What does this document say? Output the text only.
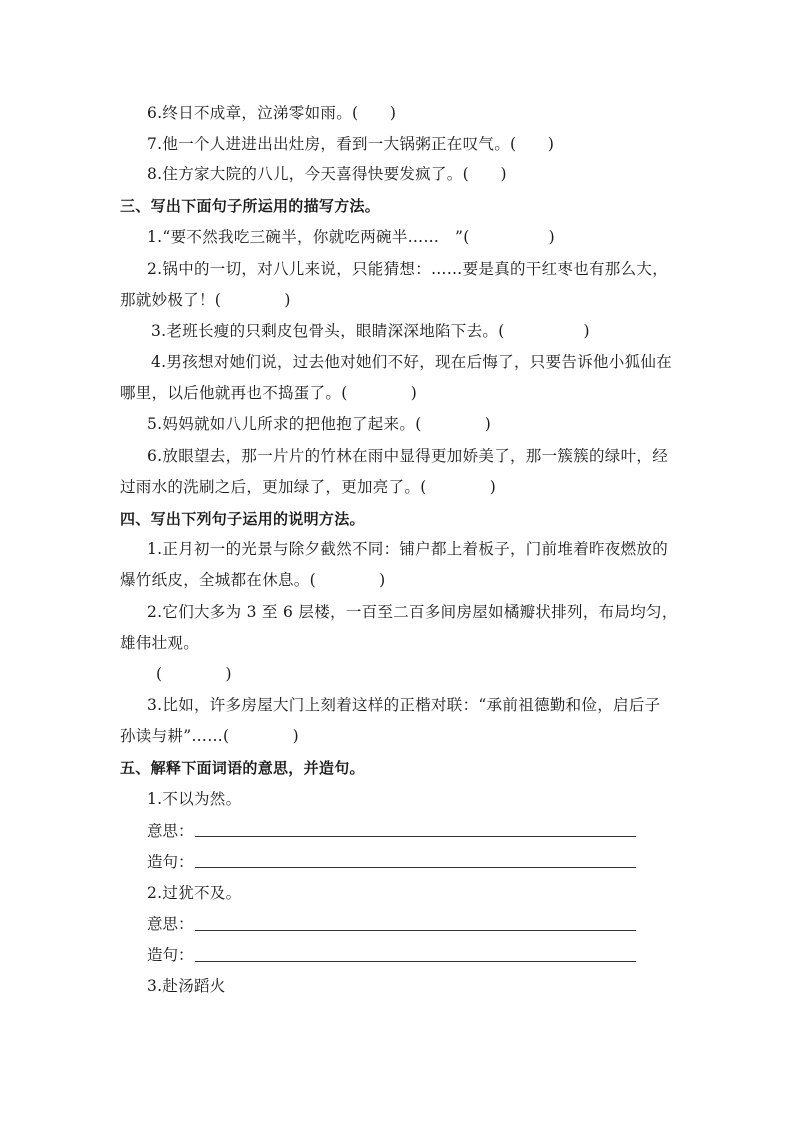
6.终日不成章，泣涕零如雨。(　　)
7.他一个人进进出出灶房，看到一大锅粥正在叹气。(　　)
8.住方家大院的八儿，今天喜得快要发疯了。(　　)
三、写出下面句子所运用的描写方法。
1.“要不然我吃三碗半，你就吃两碗半……　”(　　　　　)
2.锅中的一切，对八儿来说，只能猜想：……要是真的干红枣也有那么大，
那就妙极了！(　　　　)
3.老班长瘦的只剩皮包骨头，眼睛深深地陷下去。(　　　　　)
4.男孩想对她们说，过去他对她们不好，现在后悔了，只要告诉他小狐仙在
哪里，以后他就再也不捣蛋了。(　　　　)
5.妈妈就如八儿所求的把他抱了起来。(　　　　)
6.放眼望去，那一片片的竹林在雨中显得更加娇美了，那一簇簇的绿叶，经
过雨水的洗刷之后，更加绿了，更加亮了。(　　　　)
四、写出下列句子运用的说明方法。
1.正月初一的光景与除夕截然不同：铺户都上着板子，门前堆着昨夜燃放的
爆竹纸皮，全城都在休息。(　　　　)
2.它们大多为 3 至 6 层楼，一百至二百多间房屋如橘瓣状排列，布局均匀，
雄伟壮观。
(　　　　)
3.比如，许多房屋大门上刻着这样的正楷对联：“承前祖德勤和俭，启后子
孙读与耕”……(　　　　)
五、解释下面词语的意思，并造句。
1.不以为然。
意思：
造句：
2.过犹不及。
意思：
造句：
3.赴汤蹈火
